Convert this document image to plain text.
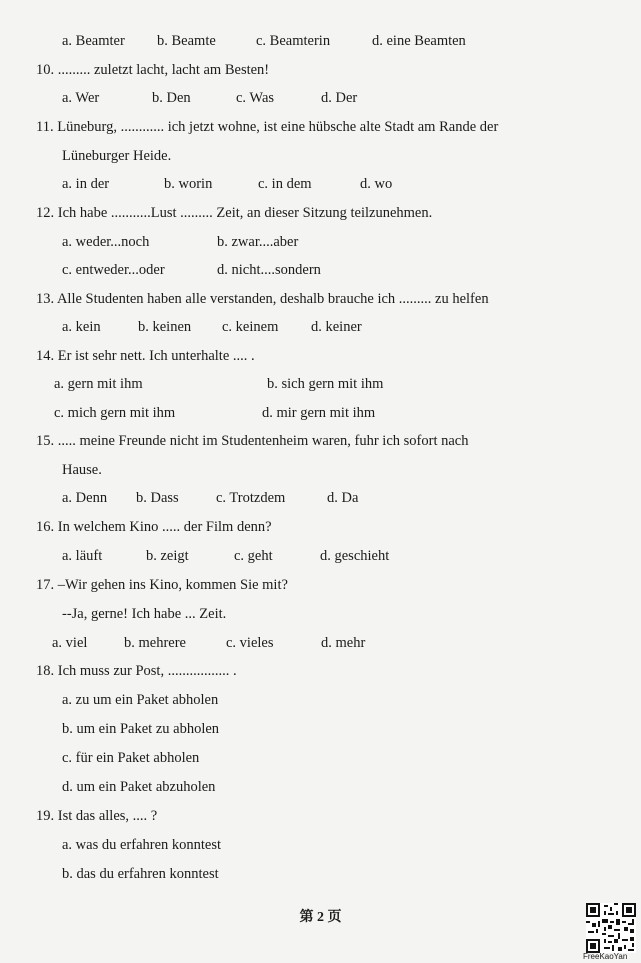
a. Beamter b. Beamte	c. Beamterin	d. eine Beamten
10. ......... zuletzt lacht, lacht am Besten!
a. Wer	b. Den	c. Was	d. Der
11. Lüneburg, ............ ich jetzt wohne, ist eine hübsche alte Stadt am Rande der
Lüneburger Heide.
a. in der	b. worin	c. in dem	d. wo
12. Ich habe ...........Lust ......... Zeit, an dieser Sitzung teilzunehmen.
a. weder...noch	b. zwar....aber
c. entweder...oder	d. nicht....sondern
13. Alle Studenten haben alle verstanden, deshalb brauche ich ......... zu helfen
a. kein	b. keinen c. keinem d. keiner
14. Er ist sehr nett. Ich unterhalte .... .
a. gern mit ihm	b. sich gern mit ihm
c. mich gern mit ihm	d. mir gern mit ihm
15. ..... meine Freunde nicht im Studentenheim waren, fuhr ich sofort nach
Hause.
a. Denn b. Dass	c. Trotzdem	d. Da
16. In welchem Kino ..... der Film denn?
a. läuft	b. zeigt	c. geht	d. geschieht
17. –Wir gehen ins Kino, kommen Sie mit?
--Ja, gerne! Ich habe ... Zeit.
a. viel	b. mehrere	c. vieles	d. mehr
18. Ich muss zur Post, ................. .
a. zu um ein Paket abholen
b. um ein Paket zu abholen
c. für ein Paket abholen
d. um ein Paket abzuholen
19. Ist das alles, .... ?
a. was du erfahren konntest
b. das du erfahren konntest
第 2 页
FreeKaoYan
